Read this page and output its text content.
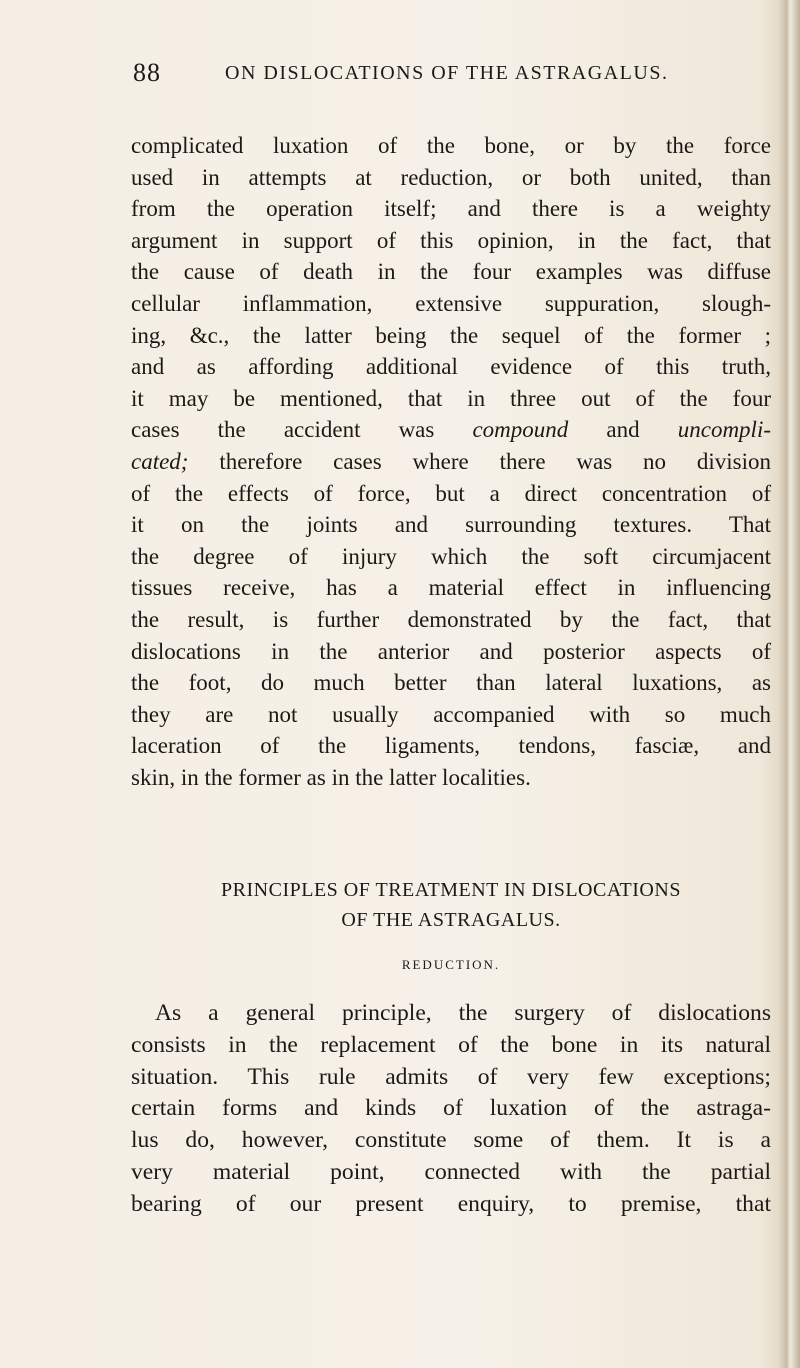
88	ON DISLOCATIONS OF THE ASTRAGALUS.
complicated luxation of the bone, or by the force
used in attempts at reduction, or both united, than
from the operation itself; and there is a weighty
argument in support of this opinion, in the fact, that
the cause of death in the four examples was diffuse
cellular inflammation, extensive suppuration, slough-
ing, &c., the latter being the sequel of the former ;
and as affording additional evidence of this truth,
it may be mentioned, that in three out of the four
cases the accident was compound and uncompli-
cated; therefore cases where there was no division
of the effects of force, but a direct concentration of
it on the joints and surrounding textures. That
the degree of injury which the soft circumjacent
tissues receive, has a material effect in influencing
the result, is further demonstrated by the fact, that
dislocations in the anterior and posterior aspects of
the foot, do much better than lateral luxations, as
they are not usually accompanied with so much
laceration of the ligaments, tendons, fasciæ, and
skin, in the former as in the latter localities.
PRINCIPLES OF TREATMENT IN DISLOCATIONS
OF THE ASTRAGALUS.
REDUCTION.
As a general principle, the surgery of dislocations
consists in the replacement of the bone in its natural
situation. This rule admits of very few exceptions;
certain forms and kinds of luxation of the astraga-
lus do, however, constitute some of them. It is a
very material point, connected with the partial
bearing of our present enquiry, to premise, that
